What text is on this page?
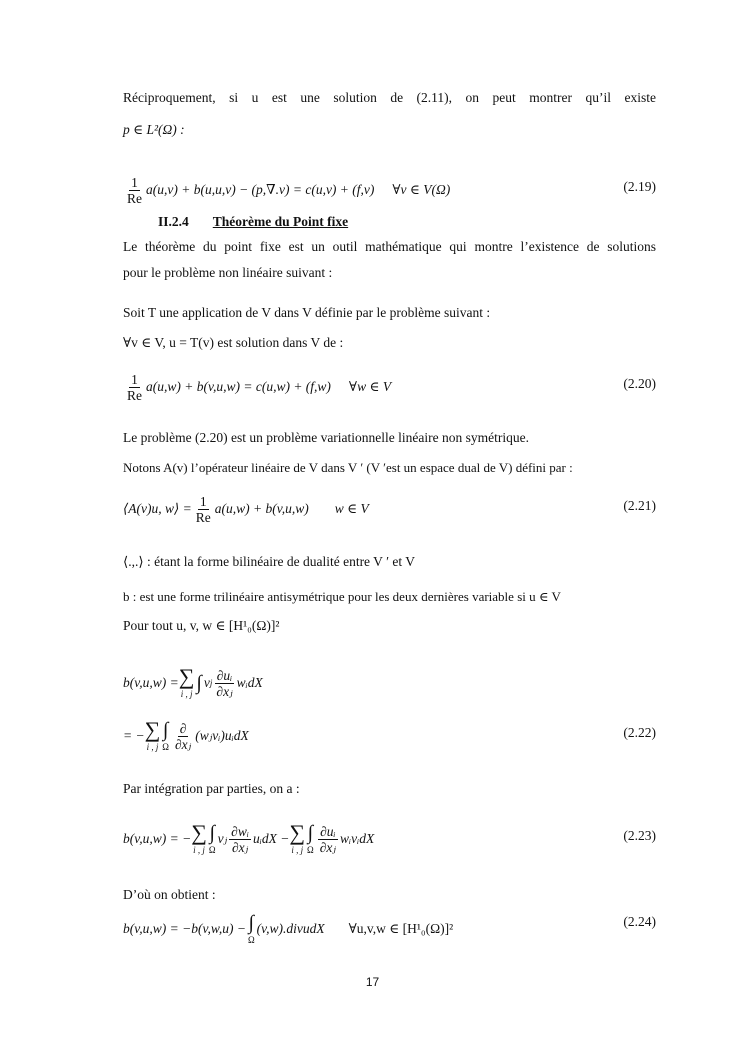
Réciproquement, si u est une solution de (2.11), on peut montrer qu’il existe
p ∈ L²(Ω) :
$\frac{1}{Re} a(u,v) + b(u,u,v) - (p,\nabla.v) = c(u,v) + (f,v)$ ∀v ∈ V(Ω)	(2.19)
II.2.4 Théorème du Point fixe
Le théorème du point fixe est un outil mathématique qui montre l’existence de solutions
pour le problème non linéaire suivant :
Soit T une application de V dans V définie par le problème suivant :
∀v ∈ V, u = T(v) est solution dans V de :
$\frac{1}{Re} a(u,w) + b(v,u,w) = c(u,w) + (f,w)$ ∀w ∈ V	(2.20)
Le problème (2.20) est un problème variationnelle linéaire non symétrique.
Notons A(v) l’opérateur linéaire de V dans V ′ (V ′est un espace dual de V) défini par :
⟨A(v)u, w⟩ = $\frac{1}{Re} a(u,w) + b(v,u,w)$ w ∈ V	(2.21)
⟨.,.⟩ : étant la forme bilinéaire de dualité entre V ′ et V
b : est une forme trilinéaire antisymétrique pour les deux dernières variable si u ∈ V
Pour tout u, v, w ∈ [H¹₀(Ω)]²
b(v,u,w) = ∑
i , j ∫ v j $\frac{\text{∂uᵢ}}{\text{∂xⱼ}}$ wᵢdX
= − ∑
i , j
∫
Ω $\frac{\partial}{\text{∂xⱼ}}$ (wⱼvᵢ)uᵢdX	(2.22)
Par intégration par parties, on a :
b(v,u,w) = − ∑
i , j
∫
Ω
vⱼ $\frac{\text{∂wᵢ}}{\text{∂xⱼ}}$ uᵢdX − ∑
i , j
∫
Ω $\frac{\text{∂uᵢ}}{\text{∂xⱼ}}$ wᵢvᵢdX	(2.23)
D’où on obtient :
b(v,u,w) = −b(v,w,u) − ∫
Ω
(v,w).divudX ∀u,v,w ∈ [H¹₀(Ω)]²	(2.24)
17
